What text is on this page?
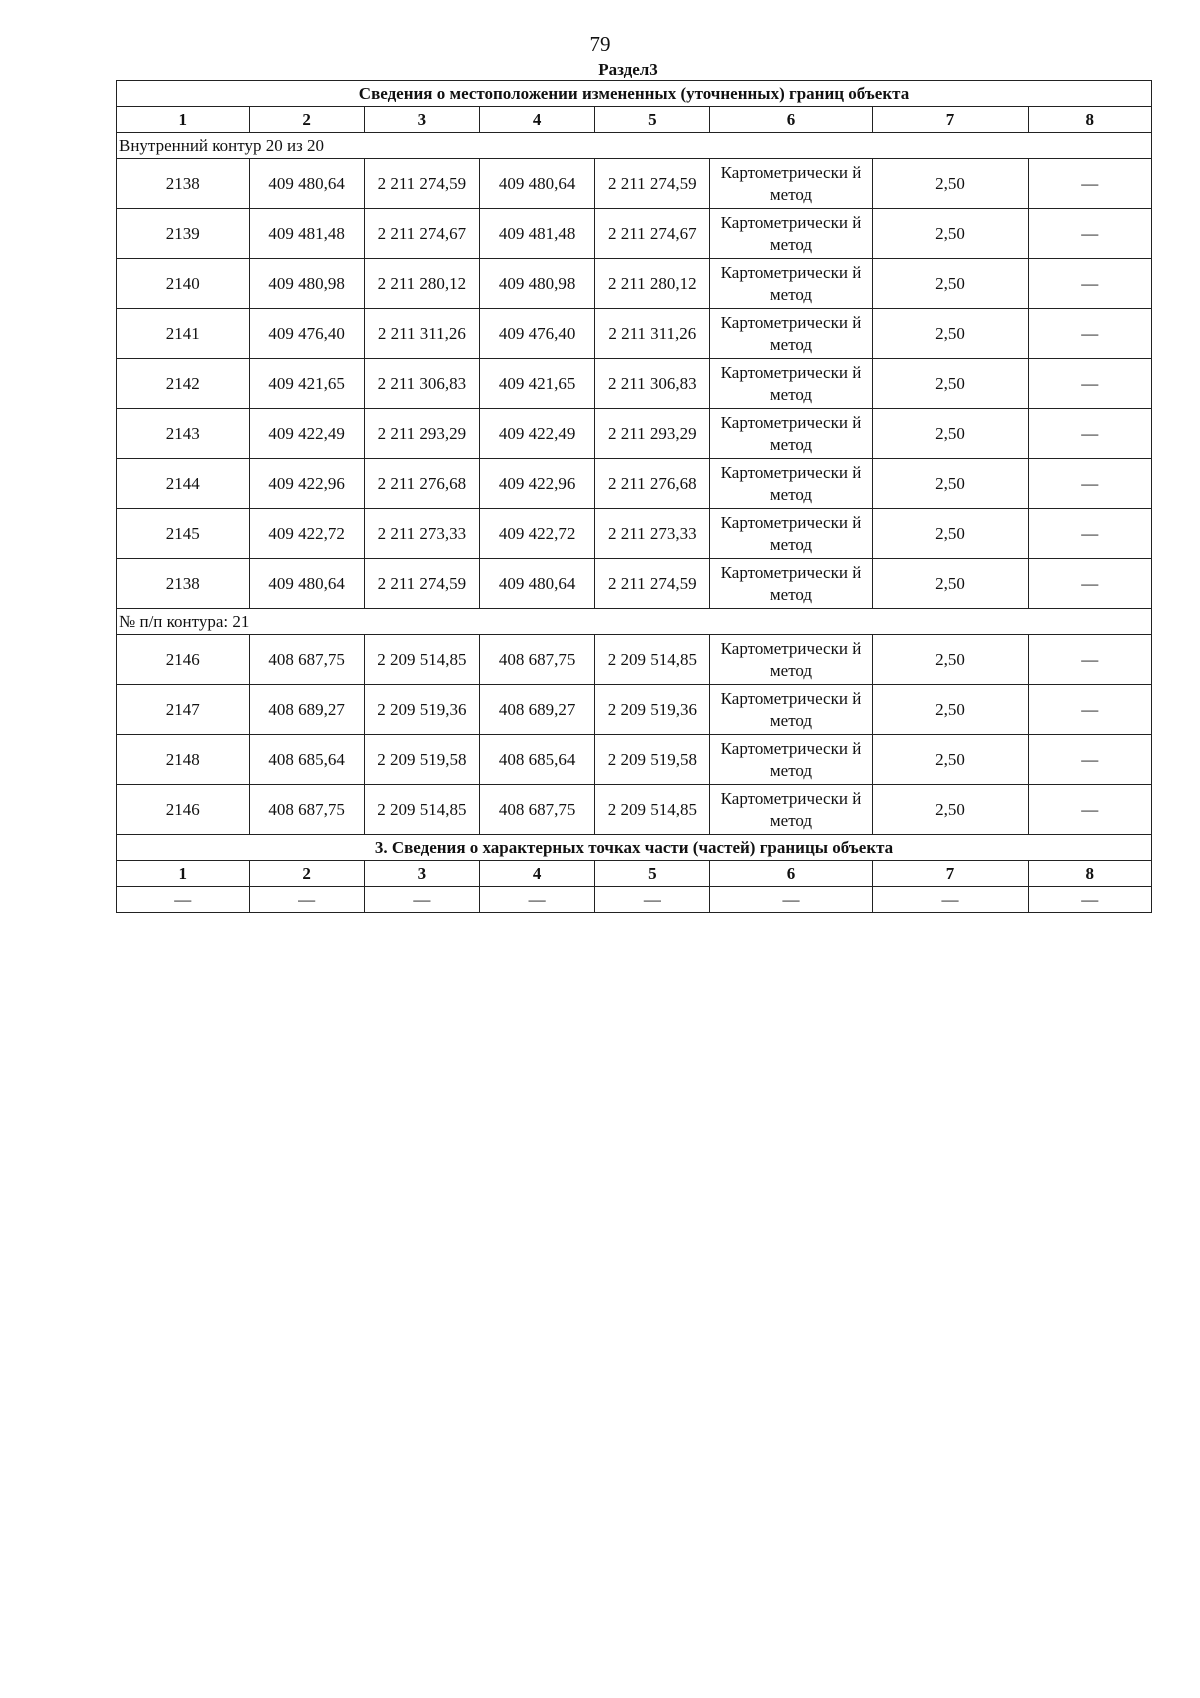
79
Раздел3
Сведения о местоположении измененных (уточненных) границ объекта							
1	2	3	4	5	6	7	8
Внутренний контур 20 из 20							
2138	409 480,64	2 211 274,59	409 480,64	2 211 274,59	Картометрически й метод	2,50	—
2139	409 481,48	2 211 274,67	409 481,48	2 211 274,67	Картометрически й метод	2,50	—
2140	409 480,98	2 211 280,12	409 480,98	2 211 280,12	Картометрически й метод	2,50	—
2141	409 476,40	2 211 311,26	409 476,40	2 211 311,26	Картометрически й метод	2,50	—
2142	409 421,65	2 211 306,83	409 421,65	2 211 306,83	Картометрически й метод	2,50	—
2143	409 422,49	2 211 293,29	409 422,49	2 211 293,29	Картометрически й метод	2,50	—
2144	409 422,96	2 211 276,68	409 422,96	2 211 276,68	Картометрически й метод	2,50	—
2145	409 422,72	2 211 273,33	409 422,72	2 211 273,33	Картометрически й метод	2,50	—
2138	409 480,64	2 211 274,59	409 480,64	2 211 274,59	Картометрически й метод	2,50	—
№ п/п контура: 21							
2146	408 687,75	2 209 514,85	408 687,75	2 209 514,85	Картометрически й метод	2,50	—
2147	408 689,27	2 209 519,36	408 689,27	2 209 519,36	Картометрически й метод	2,50	—
2148	408 685,64	2 209 519,58	408 685,64	2 209 519,58	Картометрически й метод	2,50	—
2146	408 687,75	2 209 514,85	408 687,75	2 209 514,85	Картометрически й метод	2,50	—
3. Сведения о характерных точках части (частей) границы объекта							
1	2	3	4	5	6	7	8
—	—	—	—	—	—	—	—
